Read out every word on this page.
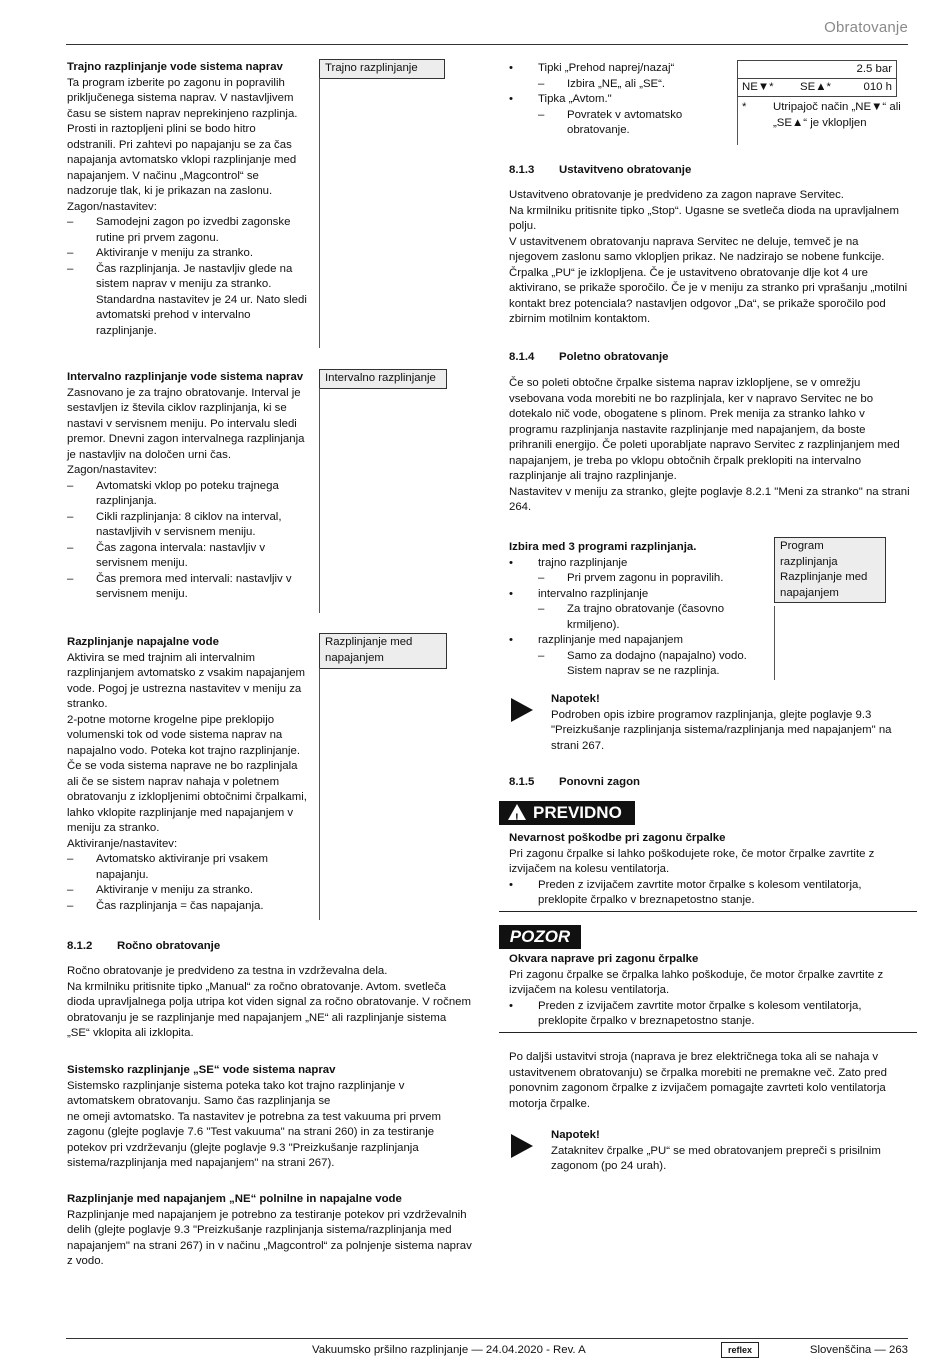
Obratovanje
Vakuumsko pršilno razplinjanje — 24.04.2020 - Rev. A	reflex	Slovenščina — 263

Trajno razplinjanje vode sistema naprav

Ta program izberite po zagonu in popravilih priključenega sistema naprav. V nastavljivem času se sistem naprav neprekinjeno razplinja. Prosti in raztopljeni plini se bodo hitro odstranili. Pri zahtevi po napajanju se za čas napajanja avtomatsko vklopi razplinjanje med napajanjem. V načinu „Magcontrol“ se nadzoruje tlak, ki je prikazan na zaslonu.

Zagon/nastavitev:

– Samodejni zagon po izvedbi zagonske rutine pri prvem zagonu.
– Aktiviranje v meniju za stranko.
– Čas razplinjanja. Je nastavljiv glede na sistem naprav v meniju za stranko. Standardna nastavitev je 24 ur. Nato sledi avtomatski prehod v intervalno razplinjanje.
Trajno razplinjanje

Intervalno razplinjanje vode sistema naprav

Zasnovano je za trajno obratovanje. Interval je sestavljen iz števila ciklov razplinjanja, ki se nastavi v servisnem meniju. Po intervalu sledi premor. Dnevni zagon intervalnega razplinjanja je nastavljiv na določen urni čas.

Zagon/nastavitev:

– Avtomatski vklop po poteku trajnega razplinjanja.
– Cikli razplinjanja: 8 ciklov na interval, nastavljivih v servisnem meniju.
– Čas zagona intervala: nastavljiv v servisnem meniju.
– Čas premora med intervali: nastavljiv v servisnem meniju.
Intervalno razplinjanje

Razplinjanje napajalne vode

Aktivira se med trajnim ali intervalnim razplinjanjem avtomatsko z vsakim napajanjem vode. Pogoj je ustrezna nastavitev v meniju za stranko.

2-potne motorne krogelne pipe preklopijo volumenski tok od vode sistema naprav na napajalno vodo. Poteka kot trajno razplinjanje. Če se voda sistema naprave ne bo razplinjala ali če se sistem naprav nahaja v poletnem obratovanju z izklopljenimi obtočnimi črpalkami, lahko vklopite razplinjanje med napajanjem v meniju za stranko.

Aktiviranje/nastavitev:

– Avtomatsko aktiviranje pri vsakem napajanju.
– Aktiviranje v meniju za stranko.
– Čas razplinjanja = čas napajanja.
Razplinjanje med napajanjem
8.1.2 Ročno obratovanje

Ročno obratovanje je predvideno za testna in vzdrževalna dela.

Na krmilniku pritisnite tipko „Manual“ za ročno obratovanje. Avtom. svetleča dioda upravljalnega polja utripa kot viden signal za ročno obratovanje. V ročnem obratovanju je se razplinjanje med napajanjem „NE“ ali razplinjanje sistema „SE“ vklopita ali izklopita.

Sistemsko razplinjanje „SE“ vode sistema naprav

Sistemsko razplinjanje sistema poteka tako kot trajno razplinjanje v avtomatskem obratovanju. Samo čas razplinjanja se

ne omeji avtomatsko. Ta nastavitev je potrebna za test vakuuma pri prvem zagonu (glejte poglavje 7.6 "Test vakuuma" na strani 260) in za testiranje potekov pri vzdrževanju (glejte poglavje 9.3 "Preizkušanje razplinjanja sistema/razplinjanja med napajanjem" na strani 267).

Razplinjanje med napajanjem „NE“ polnilne in napajalne vode

Razplinjanje med napajanjem je potrebno za testiranje potekov pri vzdrževalnih delih (glejte poglavje 9.3 "Preizkušanje razplinjanja sistema/razplinjanja med napajanjem" na strani 267) in v načinu „Magcontrol“ za polnjenje sistema naprav z vodo.

• Tipki „Prehod naprej/nazaj“
– Izbira „NE„ ali „SE“.
• Tipka „Avtom."
– Povratek v avtomatsko obratovanje.
2.5 bar
NE▼* SE▲*	010 h
*	Utripajoč način „NE▼“ ali „SE▲“ je vklopljen

8.1.3 Ustavitveno obratovanje

Ustavitveno obratovanje je predvideno za zagon naprave Servitec.

Na krmilniku pritisnite tipko „Stop“. Ugasne se svetleča dioda na upravljalnem polju.

V ustavitvenem obratovanju naprava Servitec ne deluje, temveč je na njegovem zaslonu samo vklopljen prikaz. Ne nadzirajo se nobene funkcije. Črpalka „PU“ je izklopljena. Če je ustavitveno obratovanje dlje kot 4 ure aktivirano, se prikaže sporočilo. Če je v meniju za stranko pri vprašanju „motilni kontakt brez potenciala? nastavljen odgovor „Da“, se prikaže sporočilo pod zbirnim motilnim kontaktom.

8.1.4 Poletno obratovanje

Če so poleti obtočne črpalke sistema naprav izklopljene, se v omrežju vsebovana voda morebiti ne bo razplinjala, ker v napravo Servitec ne bo dotekalo nič vode, obogatene s plinom. Prek menija za stranko lahko v programu razplinjanja nastavite razplinjanje med napajanjem, da boste prihranili energijo. Če poleti uporabljate napravo Servitec z razplinjanjem med napajanjem, je treba po vklopu obtočnih črpalk preklopiti na intervalno razplinjanje ali trajno razplinjanje.

Nastavitev v meniju za stranko, glejte poglavje 8.2.1 "Meni za stranko" na strani 264.

Izbira med 3 programi razplinjanja.

• trajno razplinjanje
– Pri prvem zagonu in popravilih.
• intervalno razplinjanje
– Za trajno obratovanje (časovno krmiljeno).
• razplinjanje med napajanjem
– Samo za dodajno (napajalno) vodo. Sistem naprav se ne razplinja.
Program razplinjanja
Razplinjanje med napajanjem

Napotek!

Podroben opis izbire programov razplinjanja, glejte poglavje 9.3 "Preizkušanje razplinjanja sistema/razplinjanja med napajanjem" na strani 267.

8.1.5 Ponovni zagon
!PREVIDNO

Nevarnost poškodbe pri zagonu črpalke

Pri zagonu črpalke si lahko poškodujete roke, če motor črpalke zavrtite z izvijačem na kolesu ventilatorja.

• Preden z izvijačem zavrtite motor črpalke s kolesom ventilatorja, preklopite črpalko v breznapetostno stanje.
POZOR

Okvara naprave pri zagonu črpalke

Pri zagonu črpalke se črpalka lahko poškoduje, če motor črpalke zavrtite z izvijačem na kolesu ventilatorja.

• Preden z izvijačem zavrtite motor črpalke s kolesom ventilatorja, preklopite črpalko v breznapetostno stanje.

Po daljši ustavitvi stroja (naprava je brez električnega toka ali se nahaja v ustavitvenem obratovanju) se črpalka morebiti ne premakne več. Zato pred ponovnim zagonom črpalke z izvijačem pomagajte zavrteti kolo ventilatorja motorja črpalke.

Napotek!

Zataknitev črpalke „PU“ se med obratovanjem prepreči s prisilnim zagonom (po 24 urah).
